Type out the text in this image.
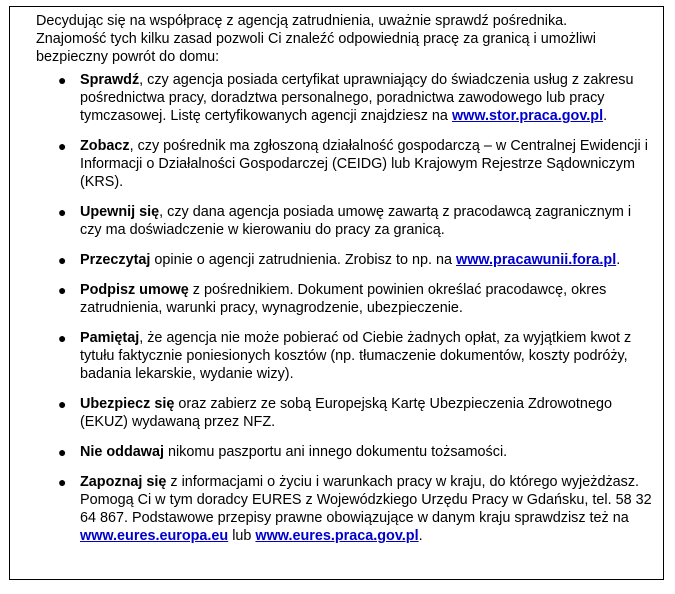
Decydując się na współpracę z agencją zatrudnienia, uważnie sprawdź pośrednika.

Znajomość tych kilku zasad pozwoli Ci znaleźć odpowiednią pracę za granicą i umożliwi

bezpieczny powrót do domu:

● Sprawdź, czy agencja posiada certyfikat uprawniający do świadczenia usług z zakresu pośrednictwa pracy, doradztwa personalnego, poradnictwa zawodowego lub pracy tymczasowej. Listę certyfikowanych agencji znajdziesz na www.stor.praca.gov.pl.
● Zobacz, czy pośrednik ma zgłoszoną działalność gospodarczą – w Centralnej Ewidencji i Informacji o Działalności Gospodarczej (CEIDG) lub Krajowym Rejestrze Sądowniczym (KRS).
● Upewnij się, czy dana agencja posiada umowę zawartą z pracodawcą zagranicznym i czy ma doświadczenie w kierowaniu do pracy za granicą.
● Przeczytaj opinie o agencji zatrudnienia. Zrobisz to np. na www.pracawunii.fora.pl.
● Podpisz umowę z pośrednikiem. Dokument powinien określać pracodawcę, okres zatrudnienia, warunki pracy, wynagrodzenie, ubezpieczenie.
● Pamiętaj, że agencja nie może pobierać od Ciebie żadnych opłat, za wyjątkiem kwot z tytułu faktycznie poniesionych kosztów (np. tłumaczenie dokumentów, koszty podróży, badania lekarskie, wydanie wizy).
● Ubezpiecz się oraz zabierz ze sobą Europejską Kartę Ubezpieczenia Zdrowotnego (EKUZ) wydawaną przez NFZ.
● Nie oddawaj nikomu paszportu ani innego dokumentu tożsamości.
● Zapoznaj się z informacjami o życiu i warunkach pracy w kraju, do którego wyjeżdżasz. Pomogą Ci w tym doradcy EURES z Wojewódzkiego Urzędu Pracy w Gdańsku, tel. 58 32 64 867. Podstawowe przepisy prawne obowiązujące w danym kraju sprawdzisz też na www.eures.europa.eu lub www.eures.praca.gov.pl.
